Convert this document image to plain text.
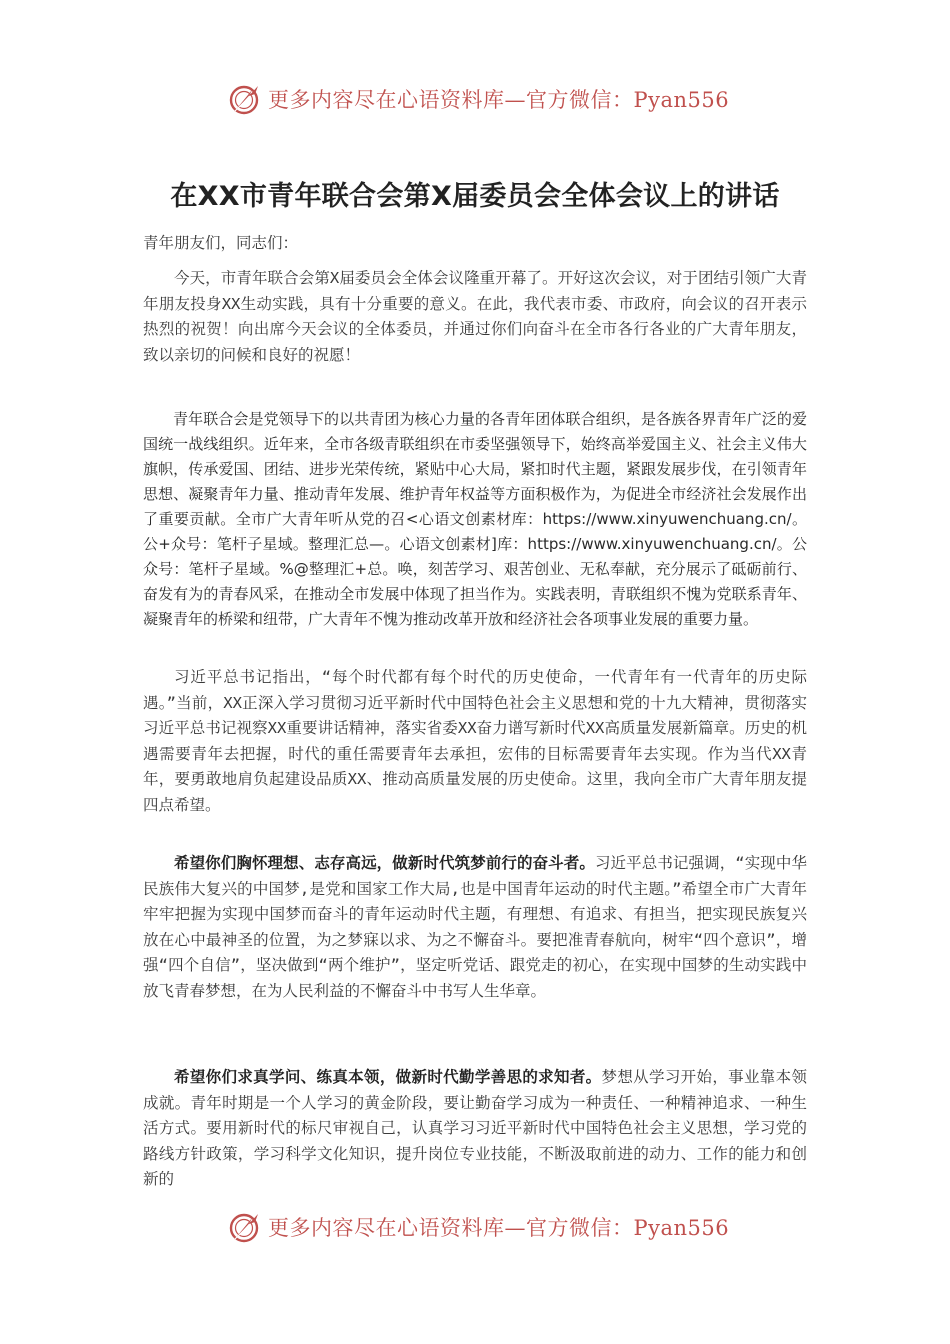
更多内容尽在心语资料库—官方微信：Pyan556
在XX市青年联合会第X届委员会全体会议上的讲话

青年朋友们，同志们：

今天，市青年联合会第X届委员会全体会议隆重开幕了。开好这次会议，对于团结引领广大青年朋友投身XX生动实践，具有十分重要的意义。在此，我代表市委、市政府，向会议的召开表示热烈的祝贺！向出席今天会议的全体委员，并通过你们向奋斗在全市各行各业的广大青年朋友，致以亲切的问候和良好的祝愿！

青年联合会是党领导下的以共青团为核心力量的各青年团体联合组织，是各族各界青年广泛的爱国统一战线组织。近年来，全市各级青联组织在市委坚强领导下，始终高举爱国主义、社会主义伟大旗帜，传承爱国、团结、进步光荣传统，紧贴中心大局，紧扣时代主题，紧跟发展步伐，在引领青年思想、凝聚青年力量、推动青年发展、维护青年权益等方面积极作为，为促进全市经济社会发展作出了重要贡献。全市广大青年听从党的召<心语文创素材库：https://www.xinyuwenchuang.cn/。公+众号：笔杆子星域。整理汇总—。心语文创素材]库：https://www.xinyuwenchuang.cn/。公众号：笔杆子星域。%@整理汇+总。唤，刻苦学习、艰苦创业、无私奉献，充分展示了砥砺前行、奋发有为的青春风采，在推动全市发展中体现了担当作为。实践表明，青联组织不愧为党联系青年、凝聚青年的桥梁和纽带，广大青年不愧为推动改革开放和经济社会各项事业发展的重要力量。

习近平总书记指出，“每个时代都有每个时代的历史使命，一代青年有一代青年的历史际遇。”当前，XX正深入学习贯彻习近平新时代中国特色社会主义思想和党的十九大精神，贯彻落实习近平总书记视察XX重要讲话精神，落实省委XX奋力谱写新时代XX高质量发展新篇章。历史的机遇需要青年去把握，时代的重任需要青年去承担，宏伟的目标需要青年去实现。作为当代XX青年，要勇敢地肩负起建设品质XX、推动高质量发展的历史使命。这里，我向全市广大青年朋友提四点希望。

希望你们胸怀理想、志存高远，做新时代筑梦前行的奋斗者。习近平总书记强调，“实现中华民族伟大复兴的中国梦,是党和国家工作大局,也是中国青年运动的时代主题。”希望全市广大青年牢牢把握为实现中国梦而奋斗的青年运动时代主题，有理想、有追求、有担当，把实现民族复兴放在心中最神圣的位置，为之梦寐以求、为之不懈奋斗。要把准青春航向，树牢“四个意识”，增强“四个自信”，坚决做到“两个维护”，坚定听党话、跟党走的初心，在实现中国梦的生动实践中放飞青春梦想，在为人民利益的不懈奋斗中书写人生华章。

希望你们求真学问、练真本领，做新时代勤学善思的求知者。梦想从学习开始，事业靠本领成就。青年时期是一个人学习的黄金阶段，要让勤奋学习成为一种责任、一种精神追求、一种生活方式。要用新时代的标尺审视自己，认真学习习近平新时代中国特色社会主义思想，学习党的路线方针政策，学习科学文化知识，提升岗位专业技能，不断汲取前进的动力、工作的能力和创新的

更多内容尽在心语资料库—官方微信：Pyan556
